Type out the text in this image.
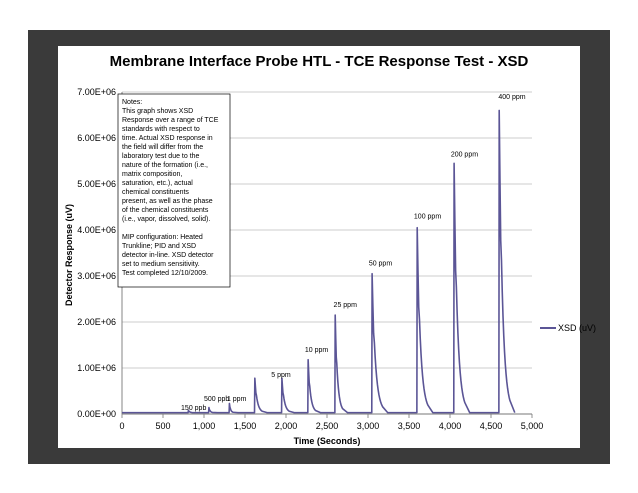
Membrane Interface Probe HTL - TCE Response Test - XSD
0.00E+00
1.00E+06
2.00E+06
3.00E+06
4.00E+06
5.00E+06
6.00E+06
7.00E+06
0	500 1,000 1,500 2,000 2,500 3,000 3,500 4,000 4,500 5,000
150 ppb
500 ppb
1 ppm
5 ppm
10 ppm
25 ppm
50 ppm
100 ppm
200 ppm
400 ppm
Notes:
This graph shows XSD
Response over a range of TCE
standards with respect to
time. Actual XSD response in
the field will differ from the
laboratory test due to the
nature of the formation (i.e.,
matrix composition,
saturation, etc.), actual
chemical constituents
present, as well as the phase
of the chemical constituents
(i.e., vapor, dissolved, solid).
MIP configuration: Heated
Trunkline; PID and XSD
detector in-line. XSD detector
set to medium sensitivity.
Test completed 12/10/2009.
XSD (uV)
Time (Seconds)
Detector Response (uV)
